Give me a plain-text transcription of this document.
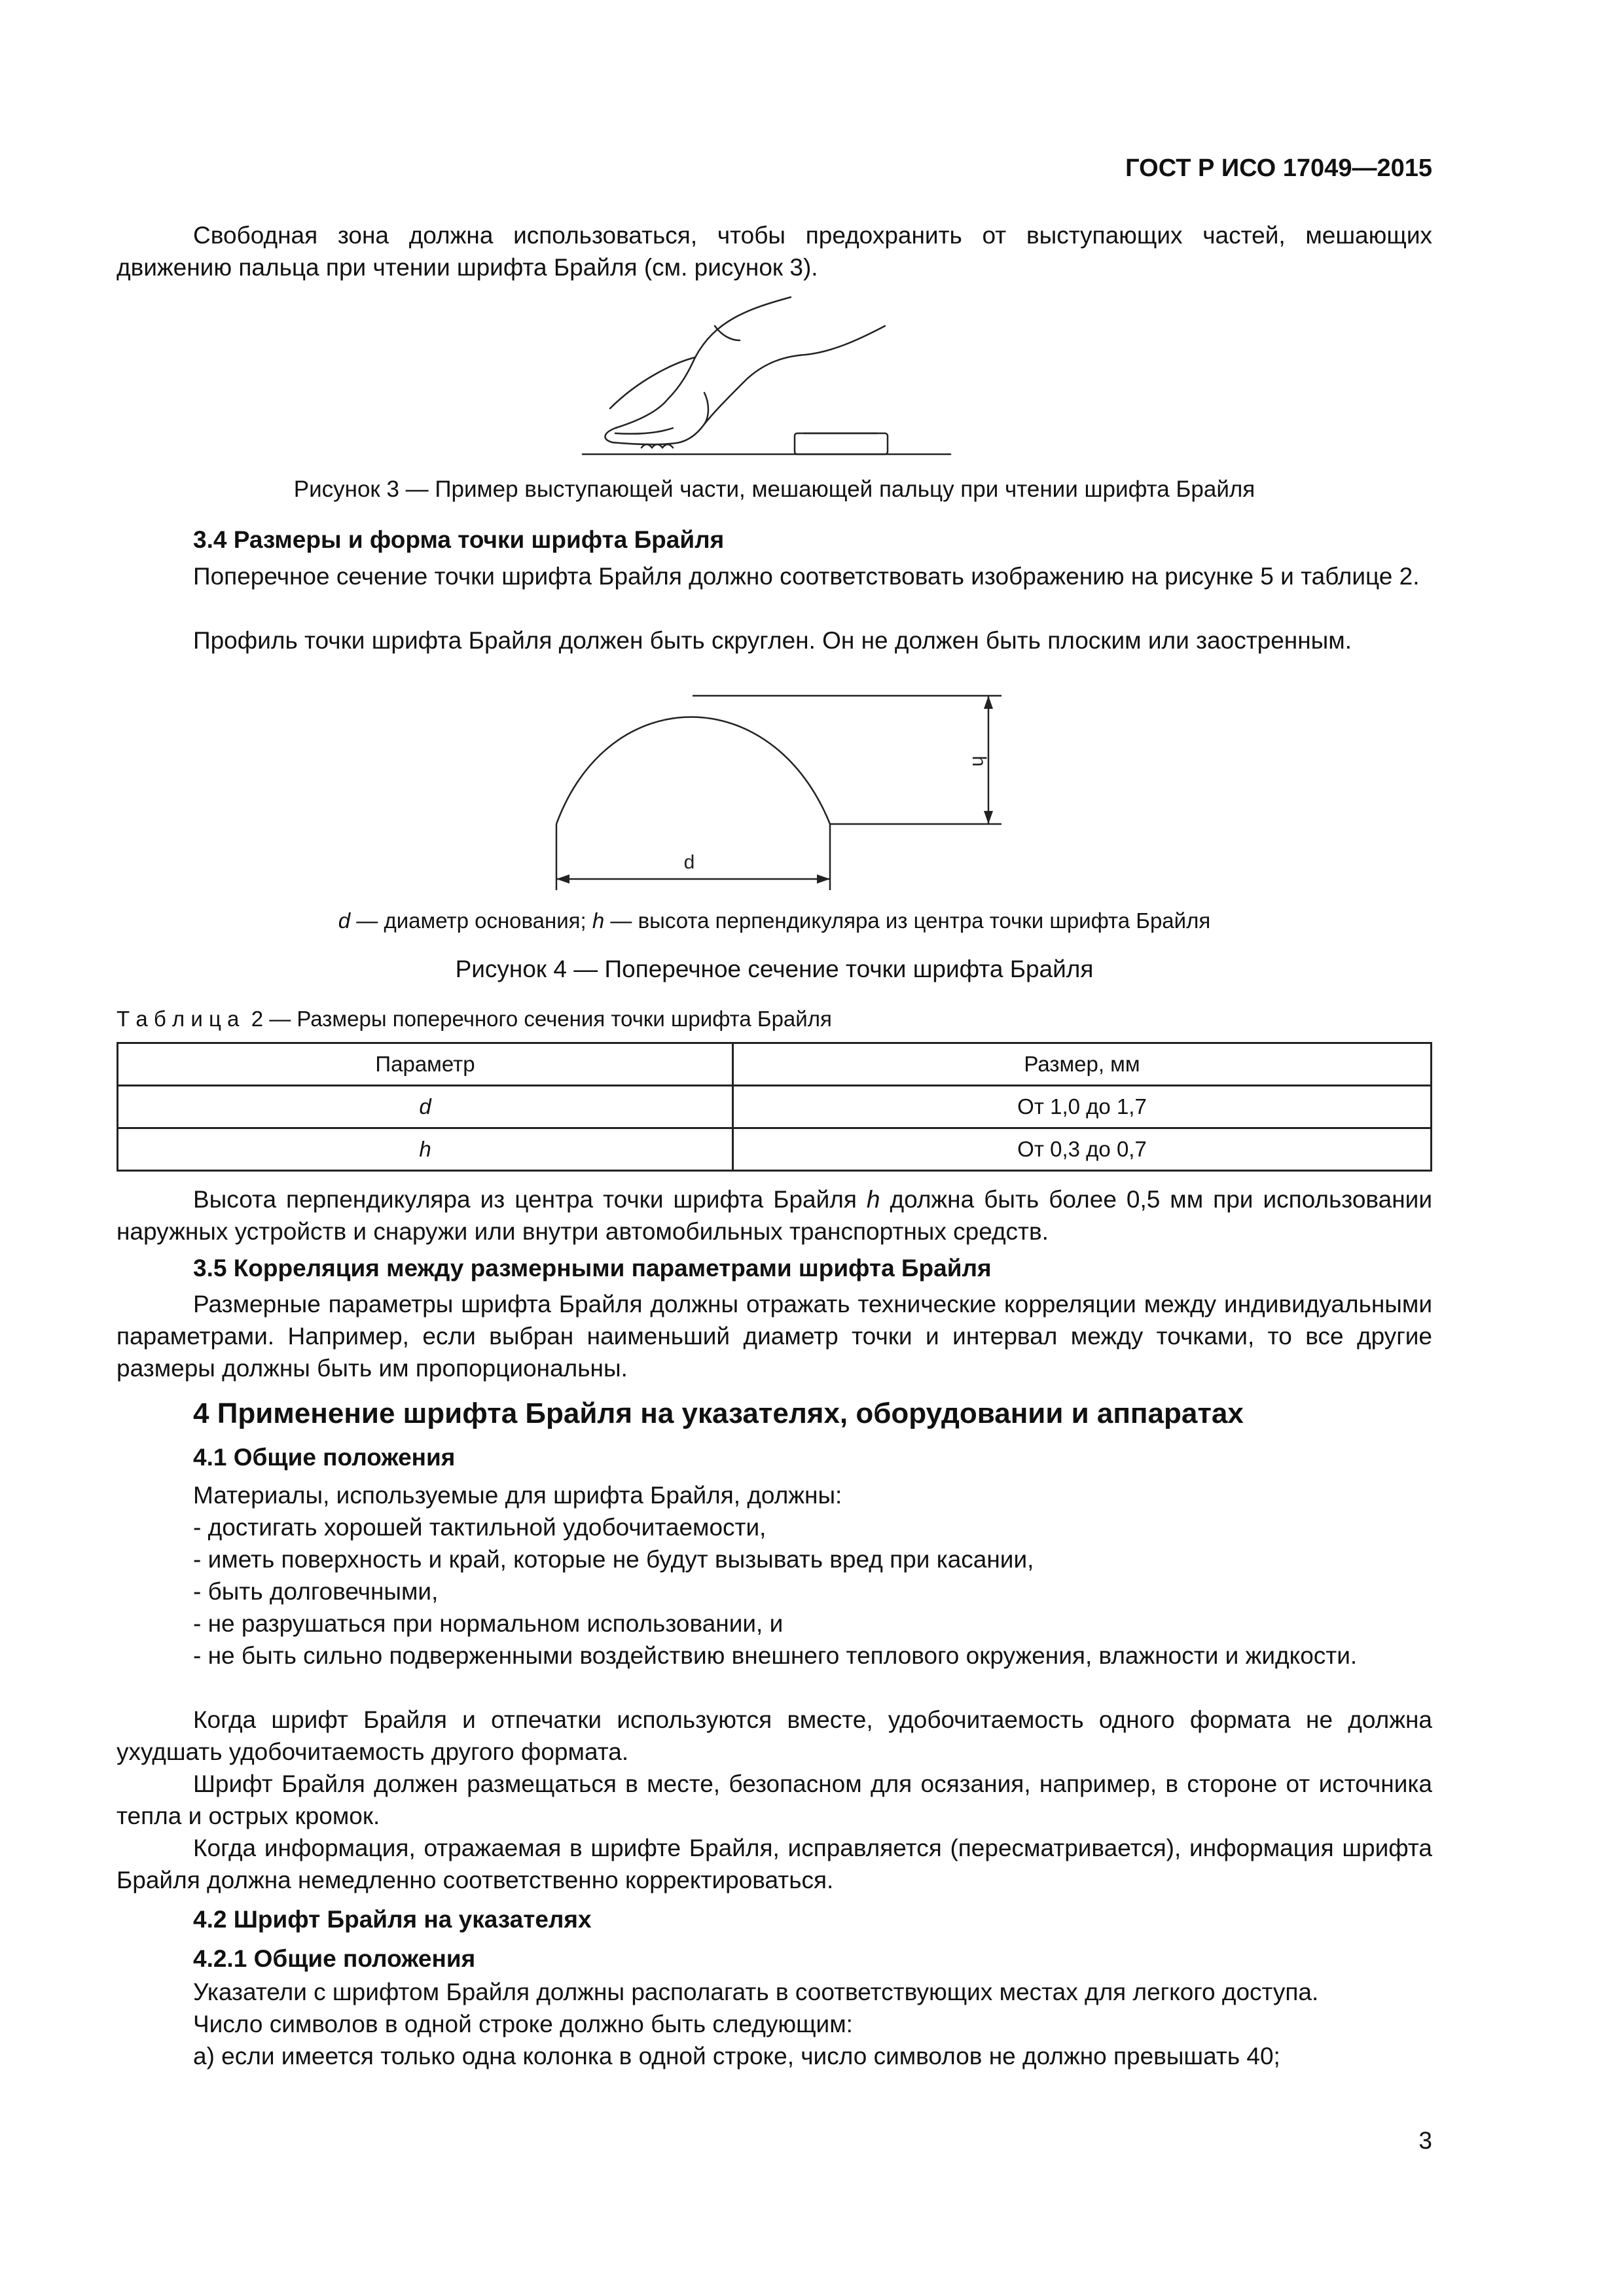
ГОСТ Р ИСО 17049—2015
Свободная зона должна использоваться, чтобы предохранить от выступающих частей, мешающих движению пальца при чтении шрифта Брайля (см. рисунок 3).
Рисунок 3 — Пример выступающей части, мешающей пальцу при чтении шрифта Брайля
3.4 Размеры и форма точки шрифта Брайля
Поперечное сечение точки шрифта Брайля должно соответствовать изображению на рисунке 5 и таблице 2.
Профиль точки шрифта Брайля должен быть скруглен. Он не должен быть плоским или заостренным.
h
d
d — диаметр основания; h — высота перпендикуляра из центра точки шрифта Брайля
Рисунок 4 — Поперечное сечение точки шрифта Брайля
Т а б л и ц а  2 — Размеры поперечного сечения точки шрифта Брайля
Параметр	Размер, мм
d	От 1,0 до 1,7
h	От 0,3 до 0,7
Высота перпендикуляра из центра точки шрифта Брайля h должна быть более 0,5 мм при использовании наружных устройств и снаружи или внутри автомобильных транспортных средств.
3.5 Корреляция между размерными параметрами шрифта Брайля
Размерные параметры шрифта Брайля должны отражать технические корреляции между индивидуальными параметрами. Например, если выбран наименьший диаметр точки и интервал между точками, то все другие размеры должны быть им пропорциональны.
4 Применение шрифта Брайля на указателях, оборудовании и аппаратах
4.1 Общие положения
Материалы, используемые для шрифта Брайля, должны:
- достигать хорошей тактильной удобочитаемости,
- иметь поверхность и край, которые не будут вызывать вред при касании,
- быть долговечными,
- не разрушаться при нормальном использовании, и
- не быть сильно подверженными воздействию внешнего теплового окружения, влажности и жидкости.
Когда шрифт Брайля и отпечатки используются вместе, удобочитаемость одного формата не должна ухудшать удобочитаемость другого формата.
Шрифт Брайля должен размещаться в месте, безопасном для осязания, например, в стороне от источника тепла и острых кромок.
Когда информация, отражаемая в шрифте Брайля, исправляется (пересматривается), информация шрифта Брайля должна немедленно соответственно корректироваться.
4.2 Шрифт Брайля на указателях
4.2.1 Общие положения
Указатели с шрифтом Брайля должны располагать в соответствующих местах для легкого доступа.
Число символов в одной строке должно быть следующим:
а) если имеется только одна колонка в одной строке, число символов не должно превышать 40;
3
